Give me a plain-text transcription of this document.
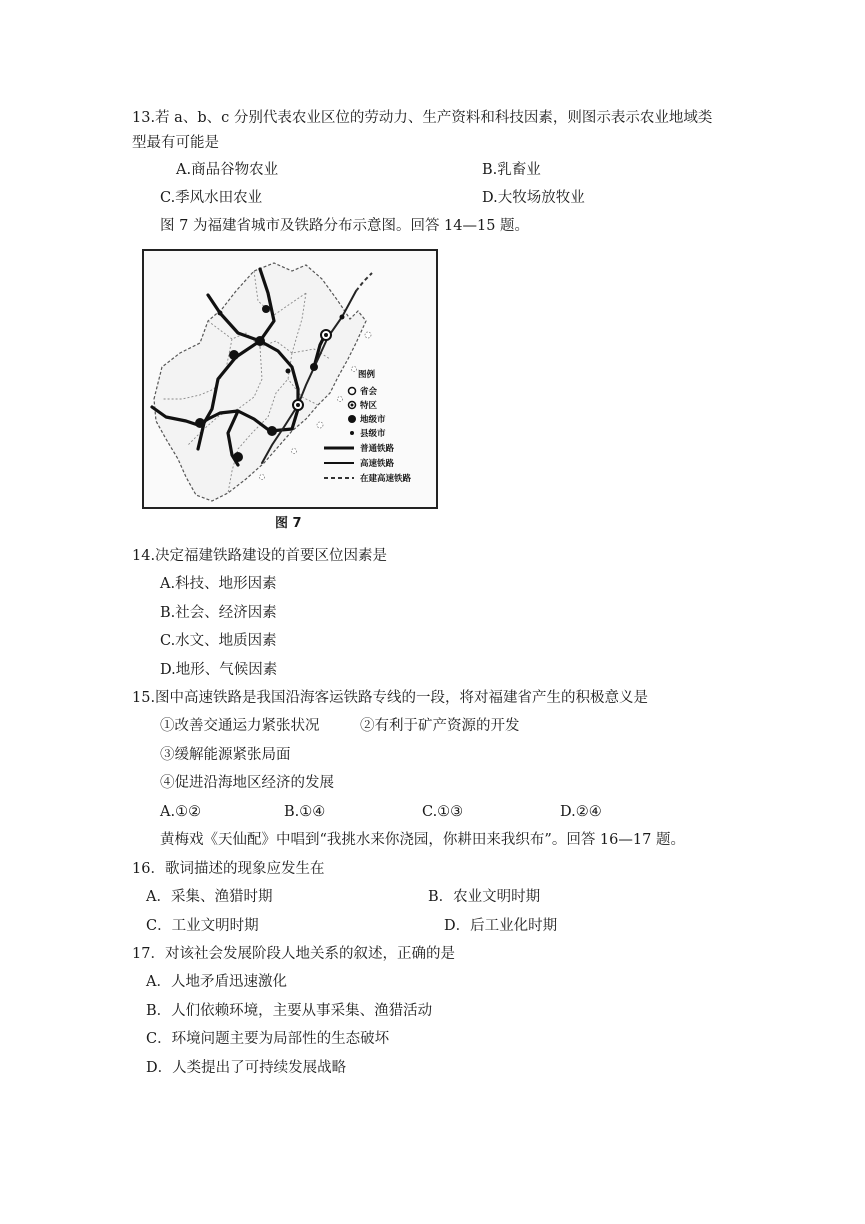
13.若 a、b、c 分别代表农业区位的劳动力、生产资料和科技因素，则图示表示农业地域类
型最有可能是
A.商品谷物农业	B.乳畜业
C.季风水田农业	D.大牧场放牧业
图 7 为福建省城市及铁路分布示意图。回答 14—15 题。
图例
省会
特区
地级市
县级市
普通铁路
高速铁路
在建高速铁路
图 7
14.决定福建铁路建设的首要区位因素是
A.科技、地形因素
B.社会、经济因素
C.水文、地质因素
D.地形、气候因素
15.图中高速铁路是我国沿海客运铁路专线的一段，将对福建省产生的积极意义是
①改善交通运力紧张状况	②有利于矿产资源的开发
③缓解能源紧张局面
④促进沿海地区经济的发展
A.①②	B.①④	C.①③	D.②④
黄梅戏《天仙配》中唱到“我挑水来你浇园，你耕田来我织布”。回答 16—17 题。
16．歌词描述的现象应发生在
A．采集、渔猎时期	B．农业文明时期
C．工业文明时期	D．后工业化时期
17．对该社会发展阶段人地关系的叙述，正确的是
B．人们依赖环境，主要从事采集、渔猎活动
A．人地矛盾迅速激化
C．环境问题主要为局部性的生态破坏
D．人类提出了可持续发展战略
